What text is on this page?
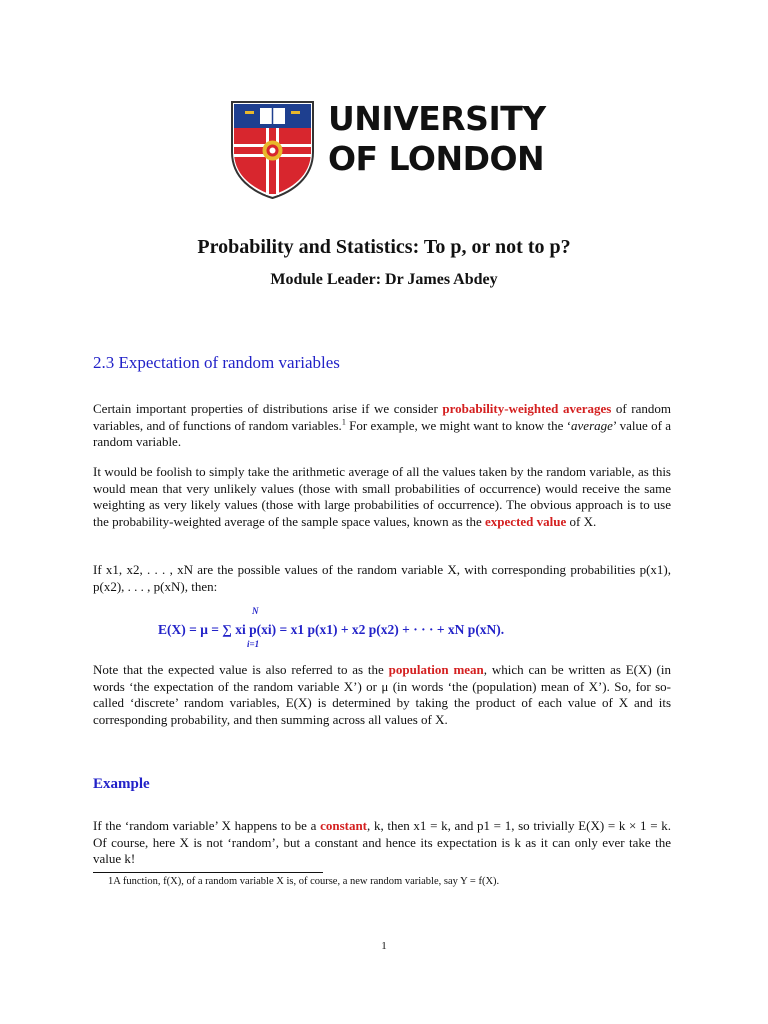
UNIVERSITY
OF LONDON
Probability and Statistics: To p, or not to p?
Module Leader: Dr James Abdey
2.3 Expectation of random variables
Certain important properties of distributions arise if we consider probability-weighted averages of random variables, and of functions of random variables.$^1$ For example, we might want to know the ‘average’ value of a random variable.
It would be foolish to simply take the arithmetic average of all the values taken by the random variable, as this would mean that very unlikely values (those with small probabilities of occurrence) would receive the same weighting as very likely values (those with large probabilities of occurrence). The obvious approach is to use the probability-weighted average of the sample space values, known as the expected value of X.
If x1, x2, . . . , xN are the possible values of the random variable X, with corresponding probabilities p(x1), p(x2), . . . , p(xN), then:
N
E(X) = μ = ∑ xi p(xi) = x1 p(x1) + x2 p(x2) + · · · + xN p(xN).
i=1
Note that the expected value is also referred to as the population mean, which can be written as E(X) (in words ‘the expectation of the random variable X’) or μ (in words ‘the (population) mean of X’). So, for so-called ‘discrete’ random variables, E(X) is determined by taking the product of each value of X and its corresponding probability, and then summing across all values of X.
Example
If the ‘random variable’ X happens to be a constant, k, then x1 = k, and p1 = 1, so trivially E(X) = k × 1 = k. Of course, here X is not ‘random’, but a constant and hence its expectation is k as it can only ever take the value k!
1A function, f(X), of a random variable X is, of course, a new random variable, say Y = f(X).
1
